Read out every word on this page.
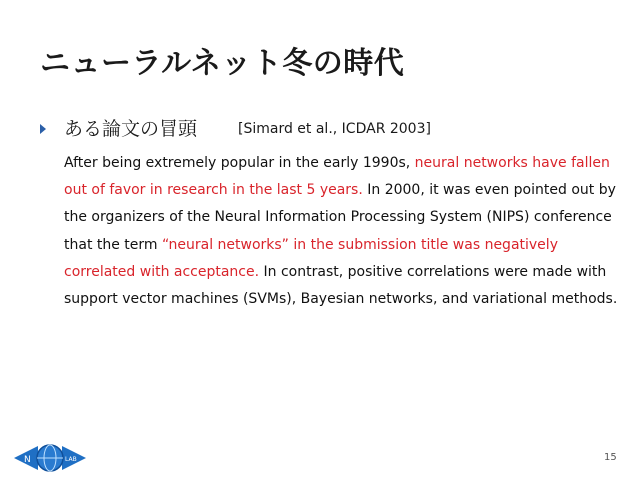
ニューラルネット冬の時代
ある論文の冒頭	[Simard et al., ICDAR 2003]

After being extremely popular in the early 1990s, neural networks have fallen out of favor in research in the last 5 years. In 2000, it was even pointed out by the organizers of the Neural Information Processing System (NIPS) conference that the term “neural networks” in the submission title was negatively correlated with acceptance. In contrast, positive correlations were made with support vector machines (SVMs), Bayesian networks, and variational methods.

N	LAB	15
